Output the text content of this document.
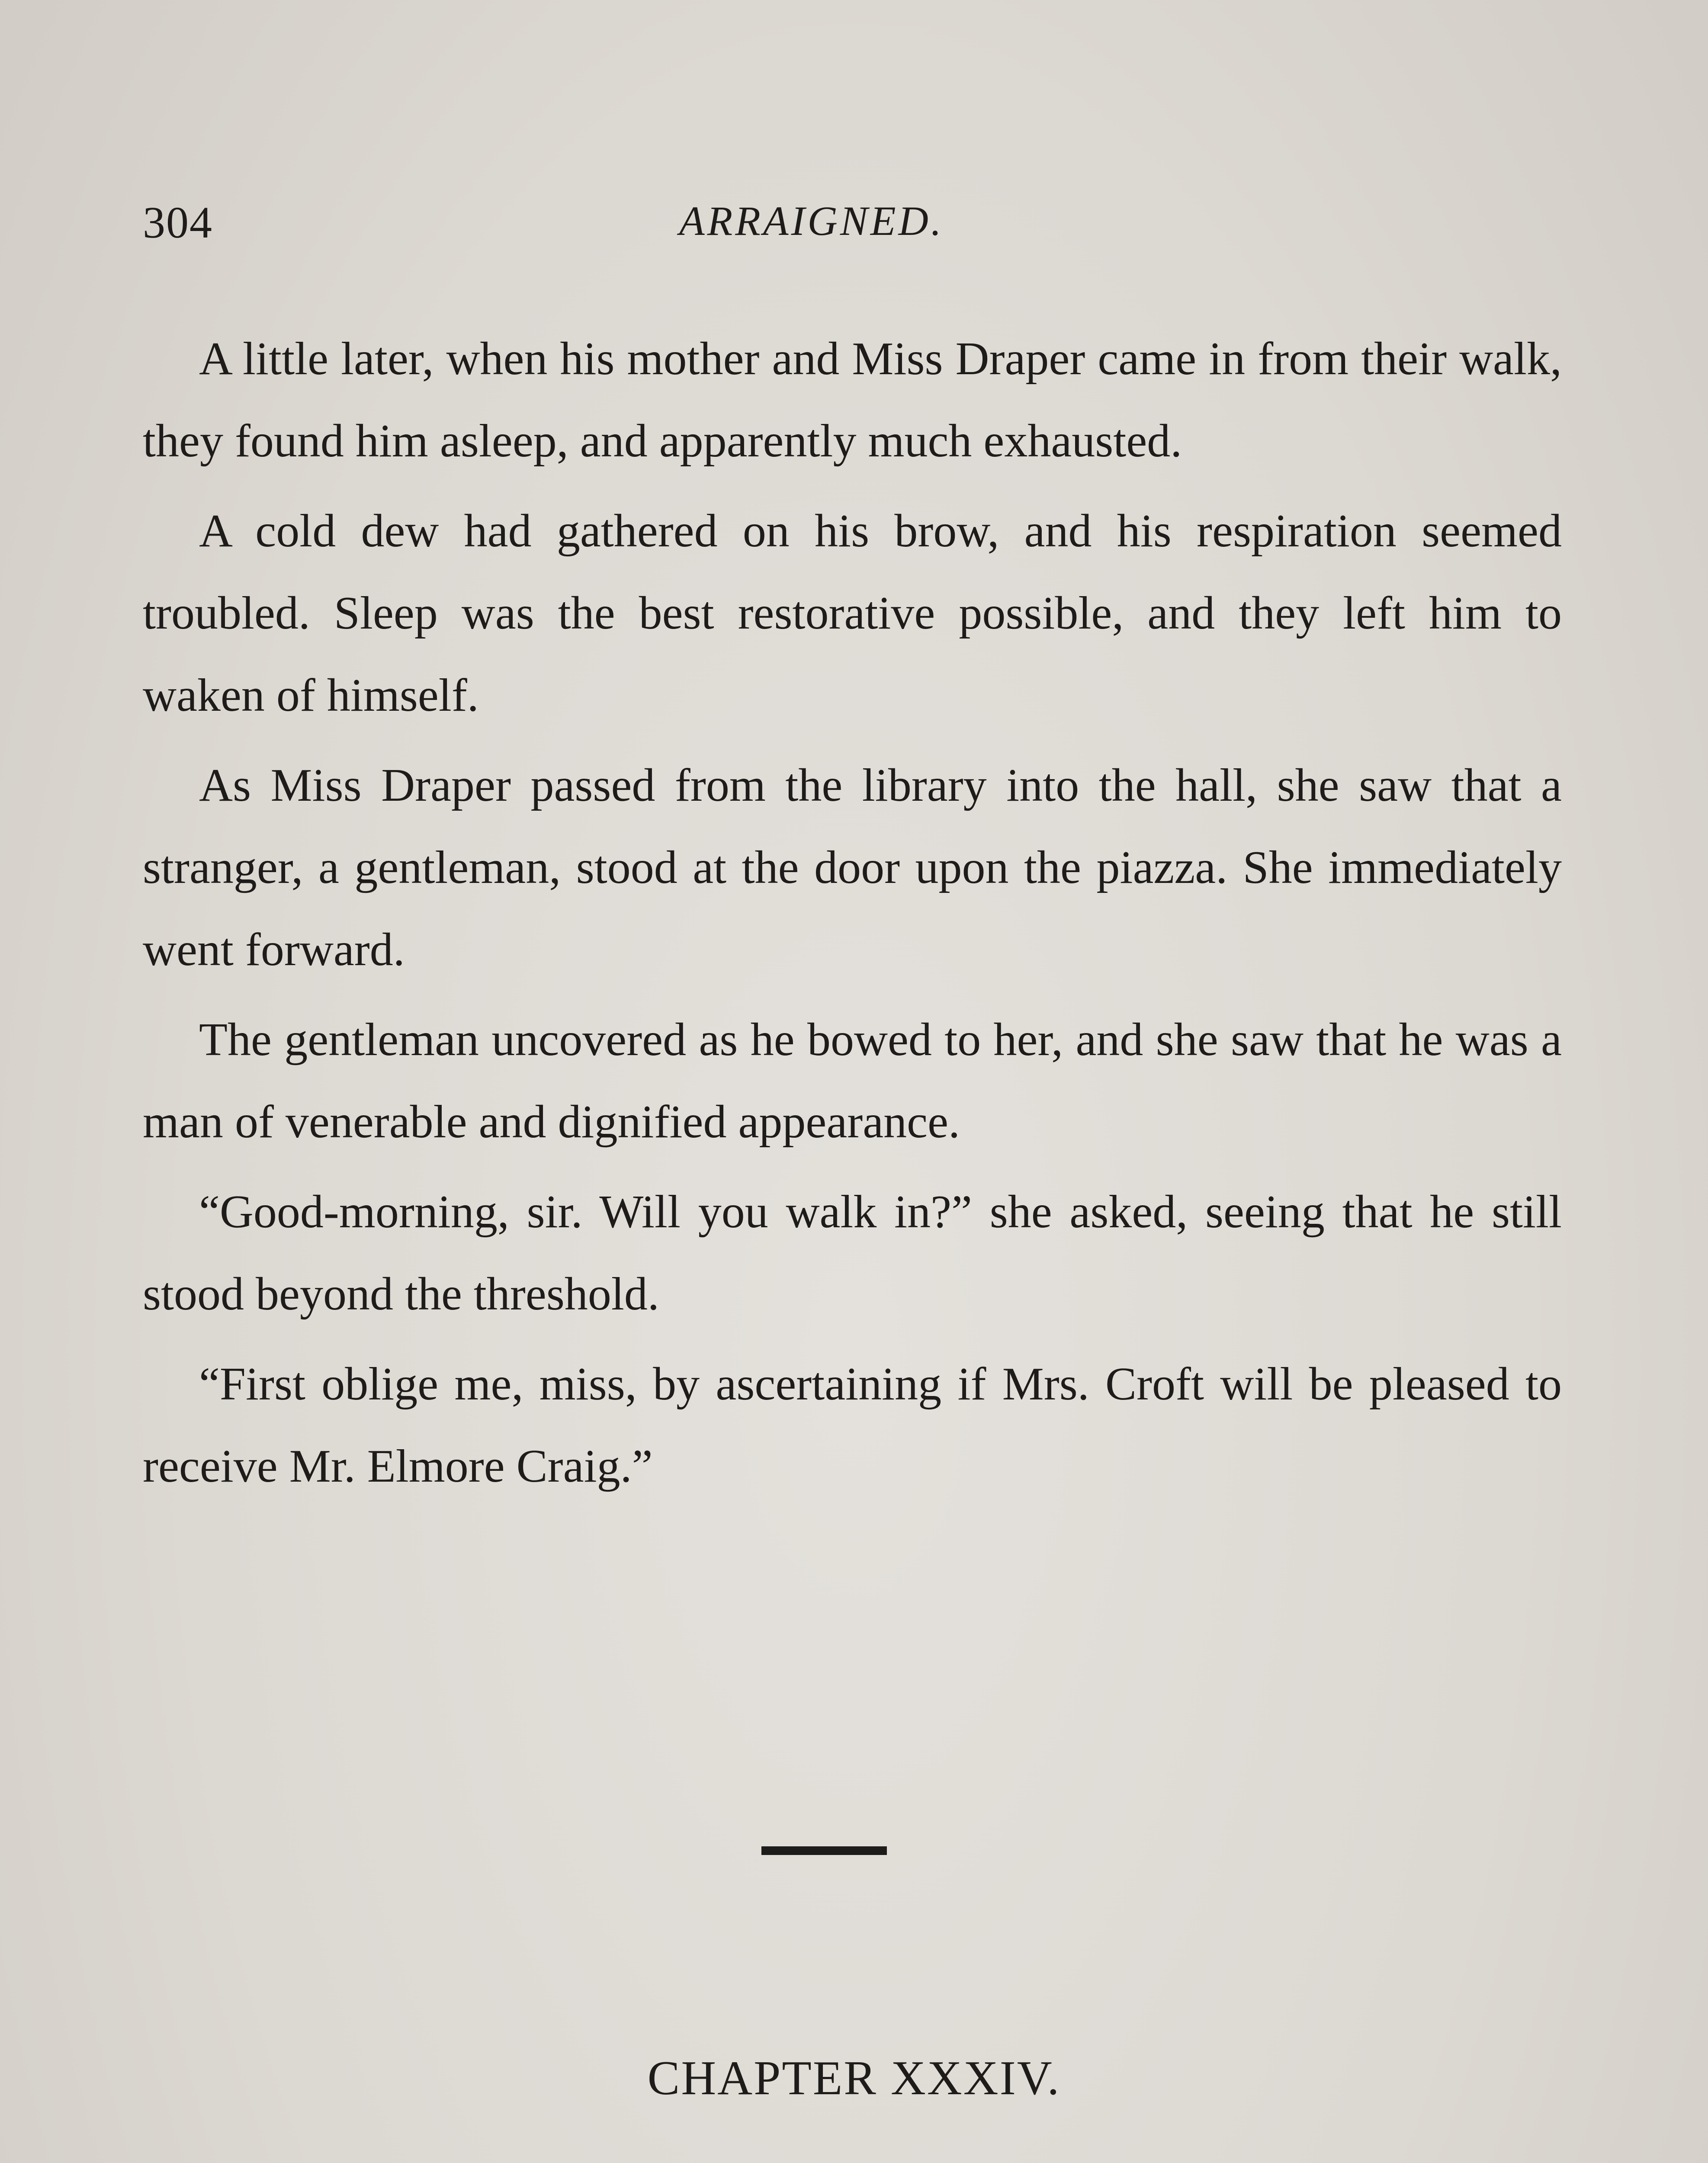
304	ARRAIGNED.

A little later, when his mother and Miss Draper came in from their walk, they found him asleep, and apparently much exhausted.

A cold dew had gathered on his brow, and his respiration seemed troubled. Sleep was the best restorative possible, and they left him to waken of himself.

As Miss Draper passed from the library into the hall, she saw that a stranger, a gentleman, stood at the door upon the piazza. She immediately went forward.

The gentleman uncovered as he bowed to her, and she saw that he was a man of venerable and dignified appearance.

“Good-morning, sir. Will you walk in?” she asked, seeing that he still stood beyond the threshold.

“First oblige me, miss, by ascertaining if Mrs. Croft will be pleased to receive Mr. Elmore Craig.”

CHAPTER XXXIV.
